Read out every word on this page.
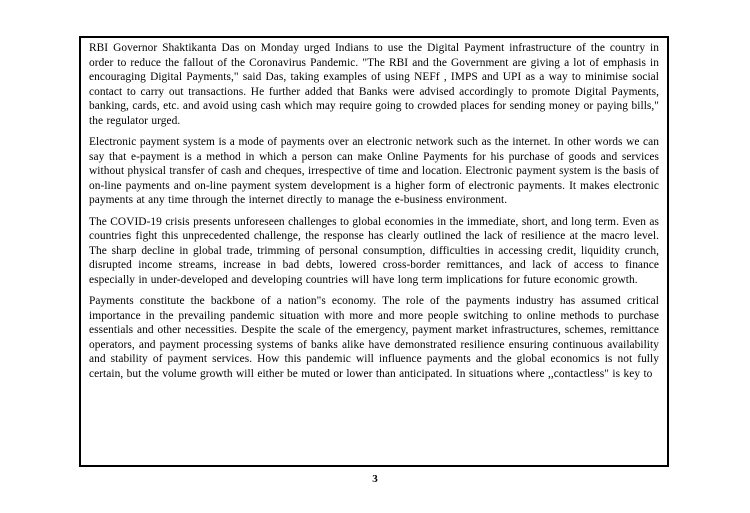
RBI Governor Shaktikanta Das on Monday urged Indians to use the Digital Payment infrastructure of the country in order to reduce the fallout of the Coronavirus Pandemic. "The RBI and the Government are giving a lot of emphasis in encouraging Digital Payments," said Das, taking examples of using NEFf , IMPS and UPI as a way to minimise social contact to carry out transactions. He further added that Banks were advised accordingly to promote Digital Payments, banking, cards, etc. and avoid using cash which may require going to crowded places for sending money or paying bills," the regulator urged.

Electronic payment system is a mode of payments over an electronic network such as the internet. In other words we can say that e-payment is a method in which a person can make Online Payments for his purchase of goods and services without physical transfer of cash and cheques, irrespective of time and location. Electronic payment system is the basis of on-line payments and on-line payment system development is a higher form of electronic payments. It makes electronic payments at any time through the internet directly to manage the e-business environment.

The COVID-19 crisis presents unforeseen challenges to global economies in the immediate, short, and long term. Even as countries fight this unprecedented challenge, the response has clearly outlined the lack of resilience at the macro level. The sharp decline in global trade, trimming of personal consumption, difficulties in accessing credit, liquidity crunch, disrupted income streams, increase in bad debts, lowered cross-border remittances, and lack of access to finance especially in under-developed and developing countries will have long term implications for future economic growth.

Payments constitute the backbone of a nation"s economy. The role of the payments industry has assumed critical importance in the prevailing pandemic situation with more and more people switching to online methods to purchase essentials and other necessities. Despite the scale of the emergency, payment market infrastructures, schemes, remittance operators, and payment processing systems of banks alike have demonstrated resilience ensuring continuous availability and stability of payment services. How this pandemic will influence payments and the global economics is not fully certain, but the volume growth will either be muted or lower than anticipated. In situations where ,,contactless" is key to

3
